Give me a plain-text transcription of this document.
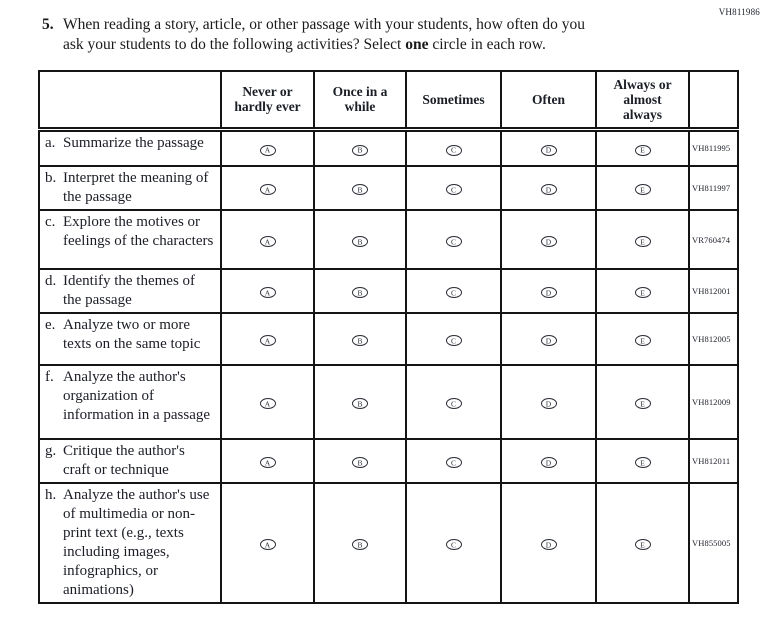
VH811986
5. When reading a story, article, or other passage with your students, how often do you
ask your students to do the following activities? Select one circle in each row.
	Never or hardly ever	Once in a while	Sometimes	Often	Always or almost always	

a. Summarize the passage	A	B	C	D	E	VH811995

b. Interpret the meaning of the passage	A	B	C	D	E	VH811997

c. Explore the motives or feelings of the characters	A	B	C	D	E	VR760474

d. Identify the themes of the passage	A	B	C	D	E	VH812001

e. Analyze two or more texts on the same topic	A	B	C	D	E	VH812005

f. Analyze the author's organization of information in a passage	A	B	C	D	E	VH812009

g. Critique the author's craft or technique	A	B	C	D	E	VH812011

h. Analyze the author's use of multimedia or non-print text (e.g., texts including images, infographics, or animations)	A	B	C	D	E	VH855005
